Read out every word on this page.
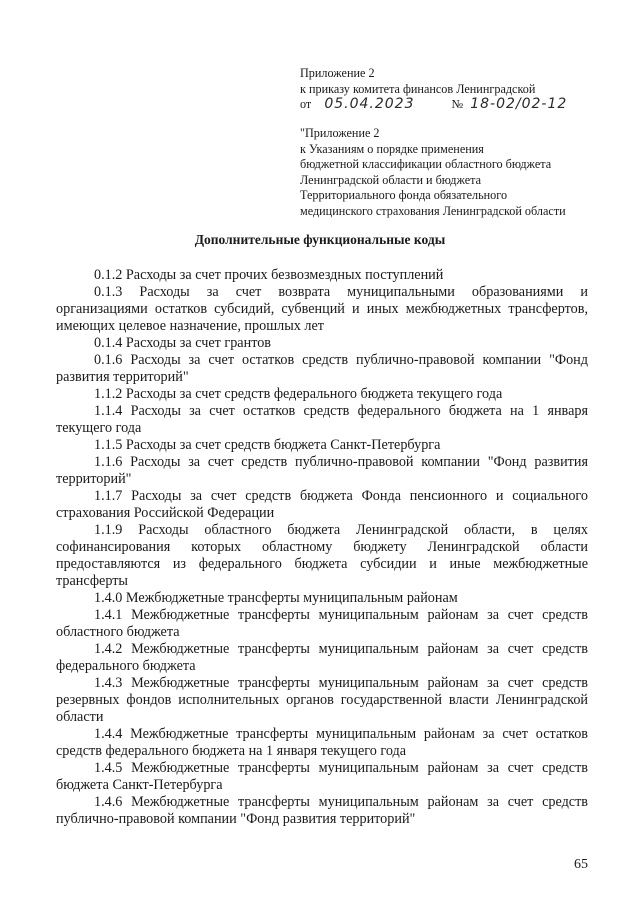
Приложение 2
к приказу комитета финансов Ленинградской
от 05.04.2023	№ 18-02/02-12
"Приложение 2
к Указаниям о порядке применения
бюджетной классификации областного бюджета
Ленинградской области и бюджета
Территориального фонда обязательного
медицинского страхования Ленинградской области
Дополнительные функциональные коды

0.1.2 Расходы за счет прочих безвозмездных поступлений

0.1.3 Расходы за счет возврата муниципальными образованиями и организациями остатков субсидий, субвенций и иных межбюджетных трансфертов, имеющих целевое назначение, прошлых лет

0.1.4 Расходы за счет грантов

0.1.6 Расходы за счет остатков средств публично-правовой компании "Фонд развития территорий"

1.1.2 Расходы за счет средств федерального бюджета текущего года

1.1.4 Расходы за счет остатков средств федерального бюджета на 1 января текущего года

1.1.5 Расходы за счет средств бюджета Санкт-Петербурга

1.1.6 Расходы за счет средств публично-правовой компании "Фонд развития территорий"

1.1.7 Расходы за счет средств бюджета Фонда пенсионного и социального страхования Российской Федерации

1.1.9 Расходы областного бюджета Ленинградской области, в целях софинансирования которых областному бюджету Ленинградской области предоставляются из федерального бюджета субсидии и иные межбюджетные трансферты

1.4.0 Межбюджетные трансферты муниципальным районам

1.4.1 Межбюджетные трансферты муниципальным районам за счет средств областного бюджета

1.4.2 Межбюджетные трансферты муниципальным районам за счет средств федерального бюджета

1.4.3 Межбюджетные трансферты муниципальным районам за счет средств резервных фондов исполнительных органов государственной власти Ленинградской области

1.4.4 Межбюджетные трансферты муниципальным районам за счет остатков средств федерального бюджета на 1 января текущего года

1.4.5 Межбюджетные трансферты муниципальным районам за счет средств бюджета Санкт-Петербурга

1.4.6 Межбюджетные трансферты муниципальным районам за счет средств публично-правовой компании "Фонд развития территорий"

65
